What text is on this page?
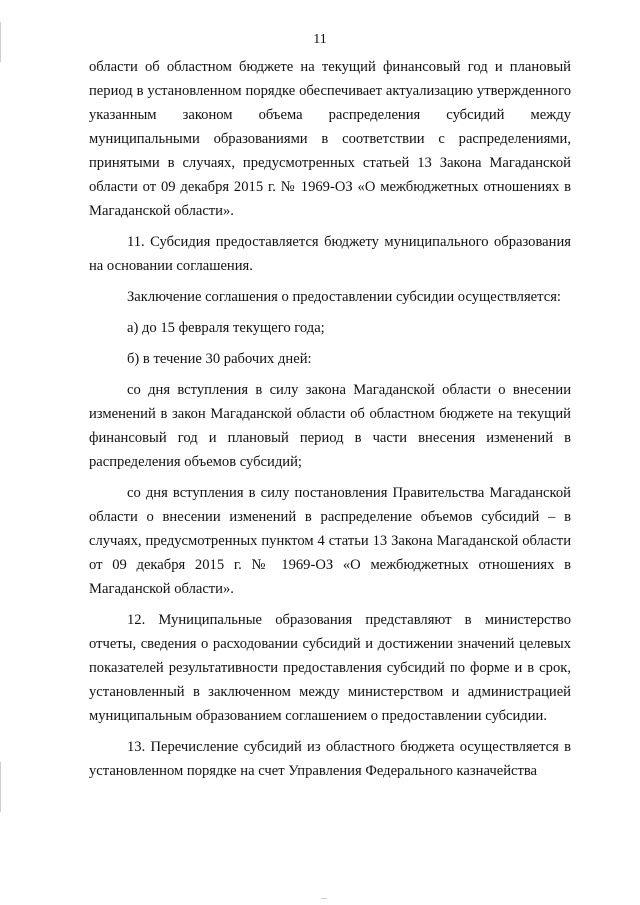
11

области об областном бюджете на текущий финансовый год и плановый период в установленном порядке обеспечивает актуализацию утвержденного указанным законом объема распределения субсидий между муниципальными образованиями в соответствии с распределениями, принятыми в случаях, предусмотренных статьей 13 Закона Магаданской области от 09 декабря 2015 г. № 1969-ОЗ «О межбюджетных отношениях в Магаданской области».

11. Субсидия предоставляется бюджету муниципального образования на основании соглашения.

Заключение соглашения о предоставлении субсидии осуществляется:

а) до 15 февраля текущего года;

б) в течение 30 рабочих дней:

со дня вступления в силу закона Магаданской области о внесении изменений в закон Магаданской области об областном бюджете на текущий финансовый год и плановый период в части внесения изменений в распределения объемов субсидий;

со дня вступления в силу постановления Правительства Магаданской области о внесении изменений в распределение объемов субсидий – в случаях, предусмотренных пунктом 4 статьи 13 Закона Магаданской области от 09 декабря 2015 г. № 1969-ОЗ «О межбюджетных отношениях в Магаданской области».

12. Муниципальные образования представляют в министерство отчеты, сведения о расходовании субсидий и достижении значений целевых показателей результативности предоставления субсидий по форме и в срок, установленный в заключенном между министерством и администрацией муниципальным образованием соглашением о предоставлении субсидии.

13. Перечисление субсидий из областного бюджета осуществляется в установленном порядке на счет Управления Федерального казначейства
